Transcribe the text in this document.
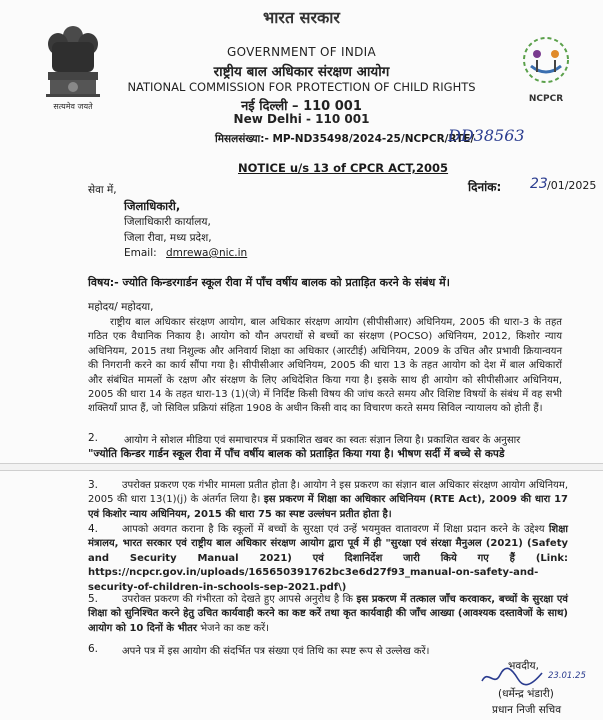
सत्यमेव जयते
भारत सरकार
GOVERNMENT OF INDIA
राष्ट्रीय बाल अधिकार संरक्षण आयोग
NATIONAL COMMISSION FOR PROTECTION OF CHILD RIGHTS
नई दिल्ली – 110 001
New Delhi - 110 001
NCPCR
मिसलसंख्या:- MP-ND35498/2024-25/NCPCR/RTE/
DD38563
NOTICE u/s 13 of CPCR ACT,2005
दिनांक: 23 /01/2025
सेवा में,
जिलाधिकारी,
जिलाधिकारी कार्यालय,
जिला रीवा, मध्य प्रदेश,
Email: dmrewa@nic.in
विषय:- ज्योति किन्डरगार्डन स्कूल रीवा में पाँच वर्षीय बालक को प्रताड़ित करने के संबंध में।
महोदय/ महोदया,
राष्ट्रीय बाल अधिकार संरक्षण आयोग, बाल अधिकार संरक्षण आयोग (सीपीसीआर) अधिनियम, 2005 की धारा-3 के तहत गठित एक वैधानिक निकाय है। आयोग को यौन अपराधों से बच्चों का संरक्षण (POCSO) अधिनियम, 2012, किशोर न्याय अधिनियम, 2015 तथा निशुल्क और अनिवार्य शिक्षा का अधिकार (आरटीई) अधिनियम, 2009 के उचित और प्रभावी क्रियान्वयन की निगरानी करने का कार्य सौंपा गया है। सीपीसीआर अधिनियम, 2005 की धारा 13 के तहत आयोग को देश में बाल अधिकारों और संबंधित मामलों के रक्षण और संरक्षण के लिए अधिदेशित किया गया है। इसके साथ ही आयोग को सीपीसीआर अधिनियम, 2005 की धारा 14 के तहत धारा-13 (1)(जे) में निर्दिष्ट किसी विषय की जांच करते समय और विशिष्ट विषयों के संबंध में वह सभी शक्तियाँ प्राप्त हैं, जो सिविल प्रक्रियां संहिता 1908 के अधीन किसी वाद का विचारण करते समय सिविल न्यायालय को होती हैं।
2.	आयोग ने सोशल मीडिया एवं समाचारपत्र में प्रकाशित खबर का स्वतः संज्ञान लिया है। प्रकाशित खबर के अनुसार
"ज्योति किन्डर गार्डन स्कूल रीवा में पाँच वर्षीय बालक को प्रताड़ित किया गया है। भीषण सर्दी में बच्चे से कपडे
3.	उपरोक्त प्रकरण एक गंभीर मामला प्रतीत होता है। आयोग ने इस प्रकरण का संज्ञान बाल अधिकार संरक्षण आयोग अधिनियम, 2005 की धारा 13(1)(j) के अंतर्गत लिया है। इस प्रकरण में शिक्षा का अधिकार अधिनियम (RTE Act), 2009 की धारा 17 एवं किशोर न्याय अधिनियम, 2015 की धारा 75 का स्पष्ट उल्लंघन प्रतीत होता है।
4.	आपको अवगत कराना है कि स्कूलों में बच्चों के सुरक्षा एवं उन्हें भयमुक्त वातावरण में शिक्षा प्रदान करने के उद्देश्य शिक्षा मंत्रालय, भारत सरकार एवं राष्ट्रीय बाल अधिकार संरक्षण आयोग द्वारा पूर्व में ही "सुरक्षा एवं संरक्षा मैनुअल (2021) (Safety and Security Manual 2021) एवं दिशानिर्देश जारी किये गए हैं (Link: https://ncpcr.gov.in/uploads/165650391762bc3e6d27f93_manual-on-safety-and-security-of-children-in-schools-sep-2021.pdf\)
5.	उपरोक्त प्रकरण की गंभीरता को देखते हुए आपसे अनुरोध है कि इस प्रकरण में तत्काल जाँच करवाकर, बच्चों के सुरक्षा एवं शिक्षा को सुनिश्चित करने हेतु उचित कार्यवाही करने का कष्ट करें तथा कृत कार्यवाही की जाँच आख्या (आवश्यक दस्तावेजों के साथ) आयोग को 10 दिनों के भीतर भेजने का कष्ट करें।
6. अपने पत्र में इस आयोग की संदर्भित पत्र संख्या एवं तिथि का स्पष्ट रूप से उल्लेख करें।
भवदीय,
23.01.25
(धर्मेन्द्र भंडारी)
प्रधान निजी सचिव
